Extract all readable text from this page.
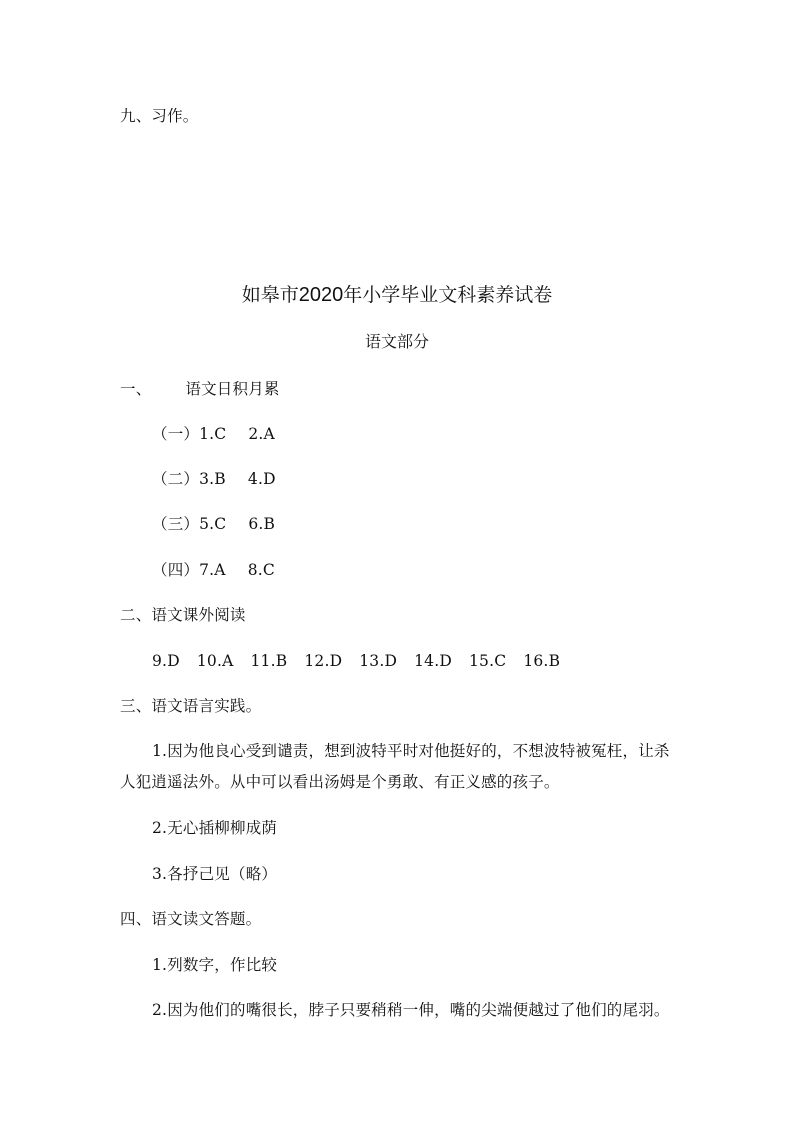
九、习作。
如皋市2020年小学毕业文科素养试卷
语文部分
一、 语文日积月累
（一）1.C 2.A
（二）3.B 4.D
（三）5.C 6.B
（四）7.A 8.C
二、语文课外阅读
9.D 10.A 11.B 12.D 13.D 14.D 15.C 16.B
三、语文语言实践。
1.因为他良心受到谴责，想到波特平时对他挺好的，不想波特被冤枉，让杀
人犯逍遥法外。从中可以看出汤姆是个勇敢、有正义感的孩子。
2.无心插柳柳成荫
3.各抒己见（略）
四、语文读文答题。
1.列数字，作比较
2.因为他们的嘴很长，脖子只要稍稍一伸，嘴的尖端便越过了他们的尾羽。
